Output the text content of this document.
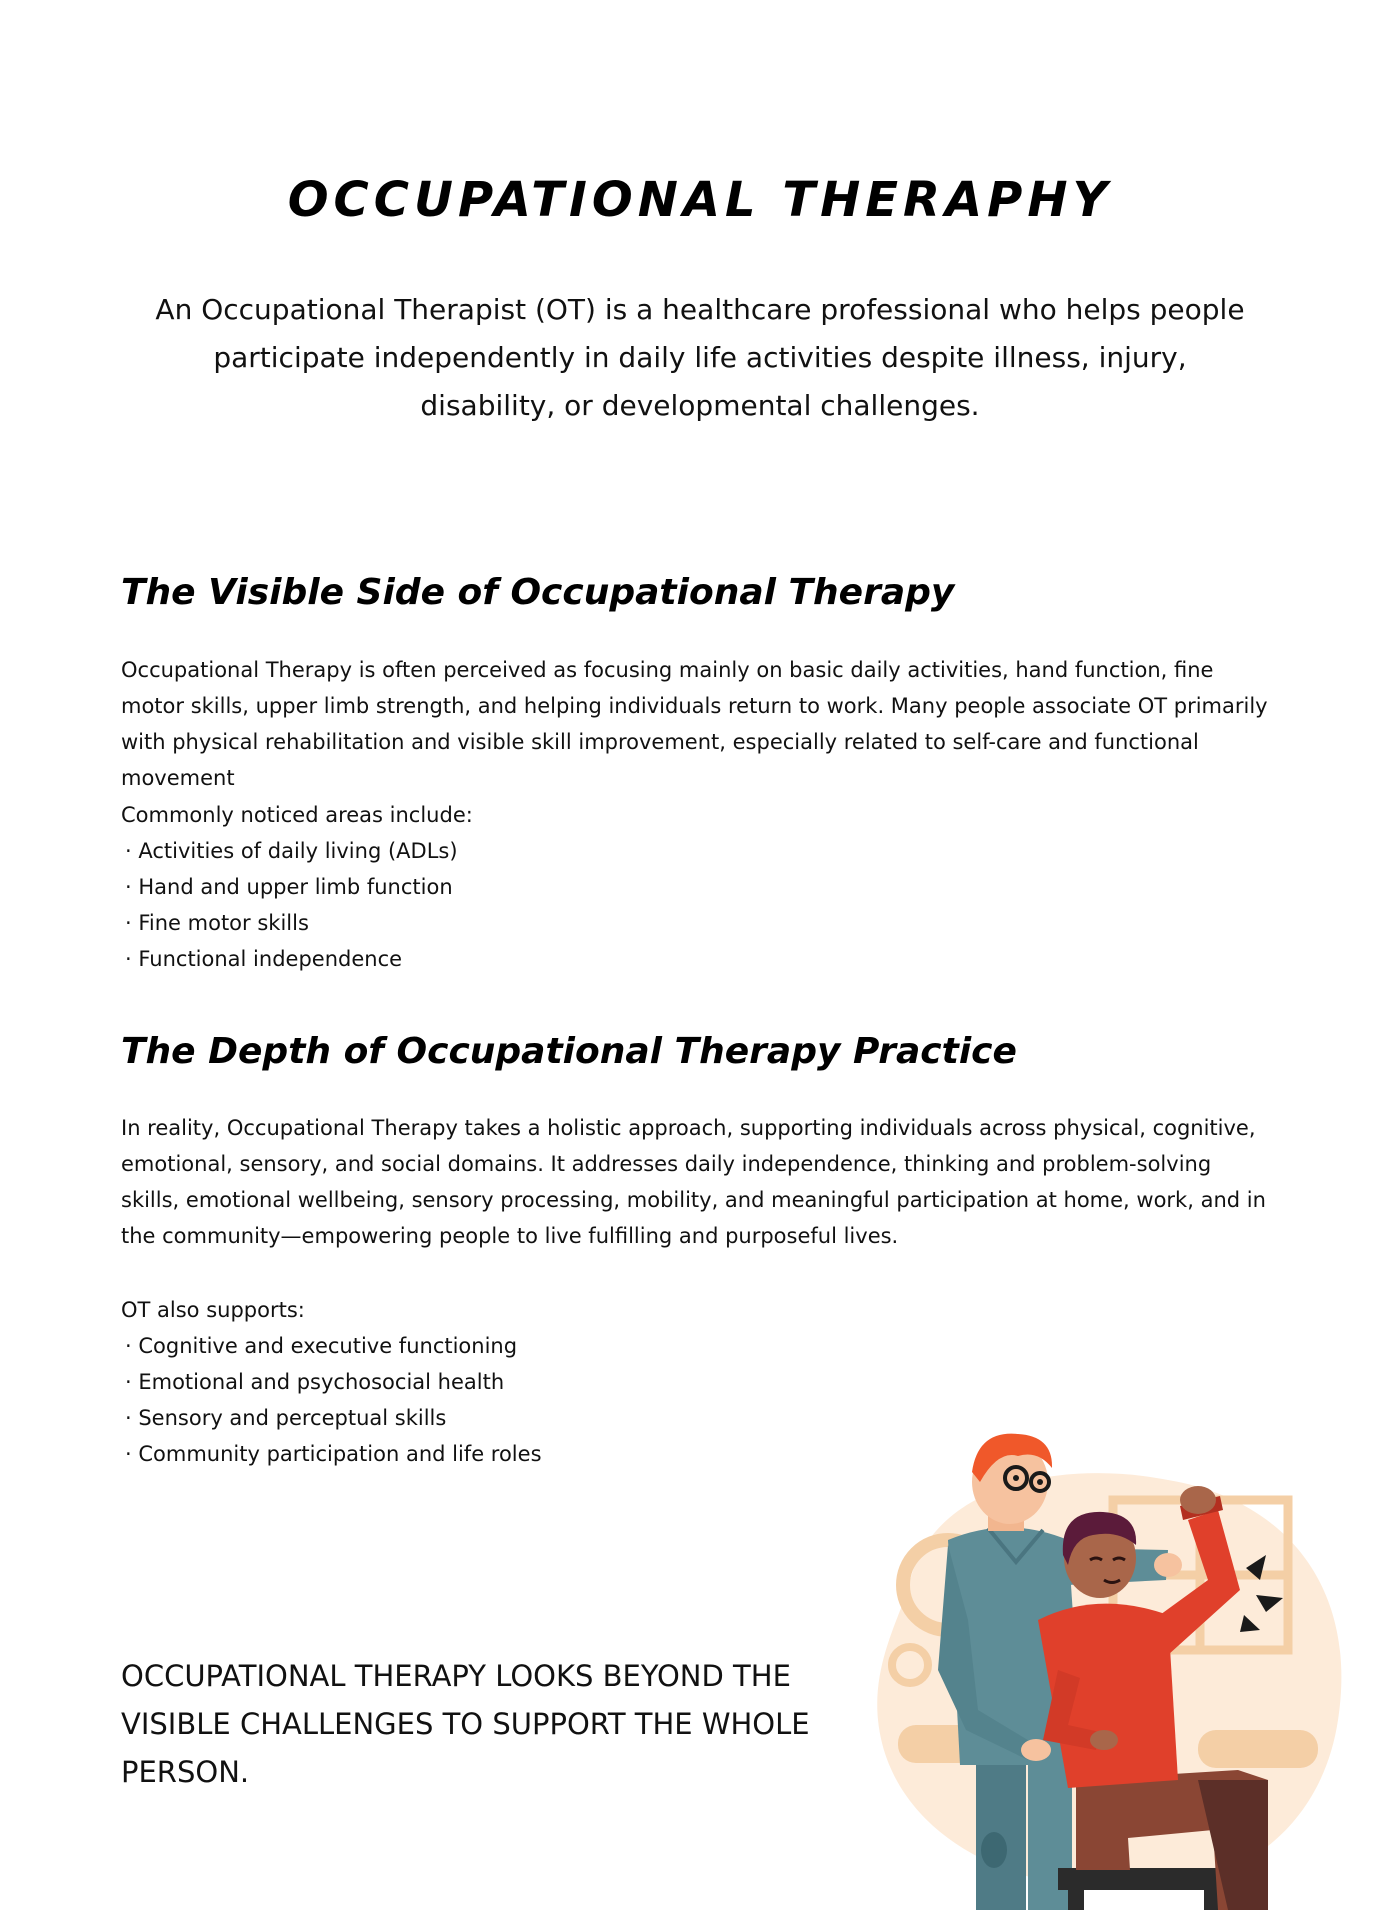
OCCUPATIONAL THERAPHY

An Occupational Therapist (OT) is a healthcare professional who helps people participate independently in daily life activities despite illness, injury, disability, or developmental challenges.

The Visible Side of Occupational Therapy

Occupational Therapy is often perceived as focusing mainly on basic daily activities, hand function, fine motor skills, upper limb strength, and helping individuals return to work. Many people associate OT primarily with physical rehabilitation and visible skill improvement, especially related to self-care and functional movement

Commonly noticed areas include:

· Activities of daily living (ADLs)
· Hand and upper limb function
· Fine motor skills
· Functional independence
The Depth of Occupational Therapy Practice

In reality, Occupational Therapy takes a holistic approach, supporting individuals across physical, cognitive, emotional, sensory, and social domains. It addresses daily independence, thinking and problem-solving skills, emotional wellbeing, sensory processing, mobility, and meaningful participation at home, work, and in the community—empowering people to live fulfilling and purposeful lives.

OT also supports:

· Cognitive and executive functioning
· Emotional and psychosocial health
· Sensory and perceptual skills
· Community participation and life roles

OCCUPATIONAL THERAPY LOOKS BEYOND THE VISIBLE CHALLENGES TO SUPPORT THE WHOLE PERSON.
